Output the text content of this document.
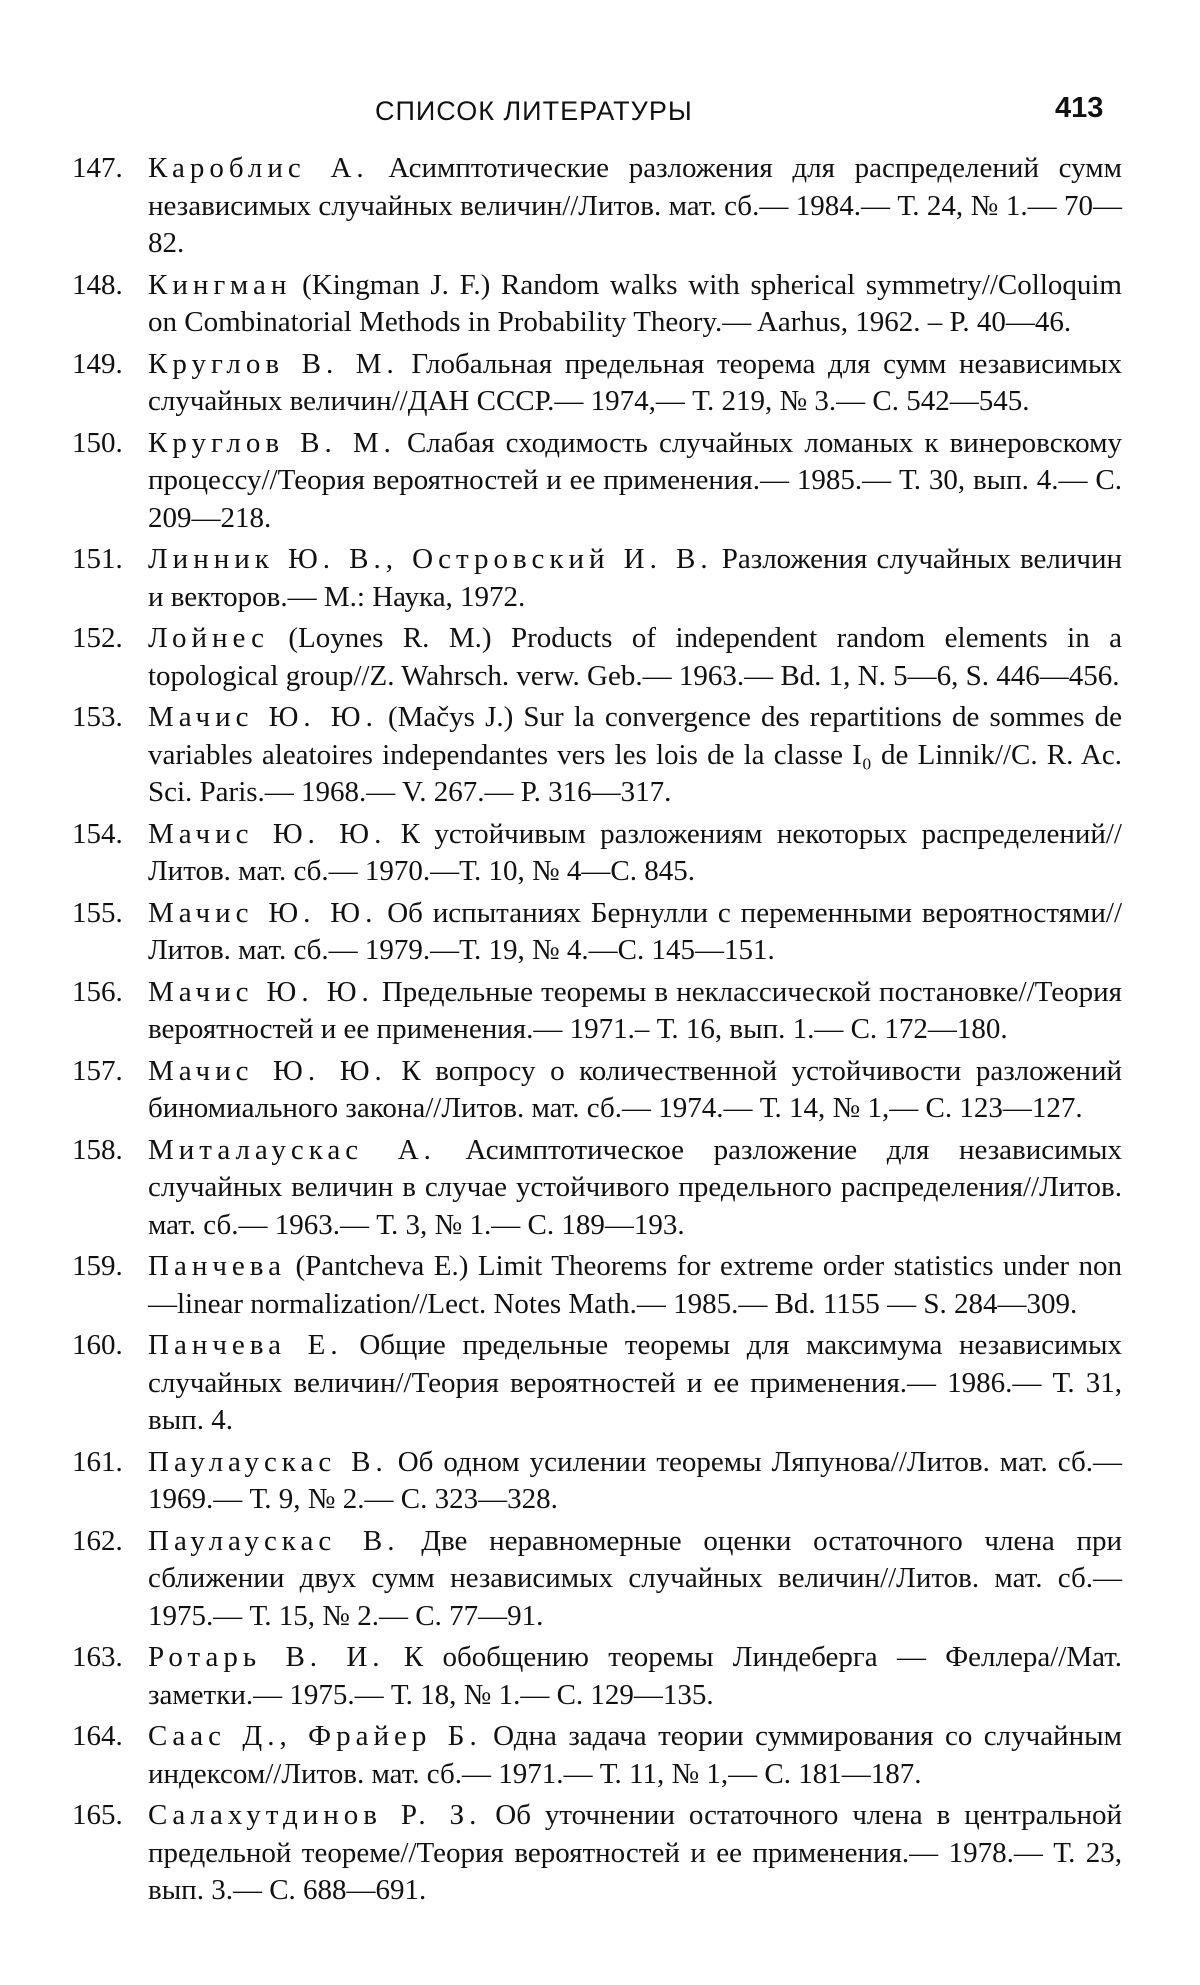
СПИСОК ЛИТЕРАТУРЫ	413
147. Кароблис А. Асимптотические разложения для распределений сумм независимых случайных величин//Литов. мат. сб.— 1984.— Т. 24, № 1.— 70—82.
148. Кингман (Kingman J. F.) Random walks with spherical symmetry//Colloquim on Combinatorial Methods in Probability Theory.— Aarhus, 1962. – P. 40—46.
149. Круглов В. М. Глобальная предельная теорема для сумм независимых случайных величин//ДАН СССР.— 1974,— Т. 219, № 3.— С. 542—545.
150. Круглов В. М. Слабая сходимость случайных ломаных к винеровскому процессу//Теория вероятностей и ее применения.— 1985.— Т. 30, вып. 4.— С. 209—218.
151. Линник Ю. В., Островский И. В. Разложения случайных величин и векторов.— М.: Наука, 1972.
152. Лойнес (Loynes R. M.) Products of independent random elements in a topological group//Z. Wahrsch. verw. Geb.— 1963.— Bd. 1, N. 5—6, S. 446—456.
153. Мачис Ю. Ю. (Mačys J.) Sur la convergence des repartitions de sommes de variables aleatoires independantes vers les lois de la classe I₀ de Linnik//C. R. Ac. Sci. Paris.— 1968.— V. 267.— P. 316—317.
154. Мачис Ю. Ю. К устойчивым разложениям некоторых распределений//Литов. мат. сб.— 1970.—Т. 10, № 4—С. 845.
155. Мачис Ю. Ю. Об испытаниях Бернулли с переменными вероятностями//Литов. мат. сб.— 1979.—Т. 19, № 4.—С. 145—151.
156. Мачис Ю. Ю. Предельные теоремы в неклассической постановке//Теория вероятностей и ее применения.— 1971.– Т. 16, вып. 1.— С. 172—180.
157. Мачис Ю. Ю. К вопросу о количественной устойчивости разложений биномиального закона//Литов. мат. сб.— 1974.— Т. 14, № 1,— С. 123—127.
158. Миталаускас А. Асимптотическое разложение для независимых случайных величин в случае устойчивого предельного распределения//Литов. мат. сб.— 1963.— Т. 3, № 1.— С. 189—193.
159. Панчева (Pantcheva E.) Limit Theorems for extreme order statistics under non—linear normalization//Lect. Notes Math.— 1985.— Bd. 1155 — S. 284—309.
160. Панчева Е. Общие предельные теоремы для максимума независимых случайных величин//Теория вероятностей и ее применения.— 1986.— Т. 31, вып. 4.
161. Паулаускас В. Об одном усилении теоремы Ляпунова//Литов. мат. сб.— 1969.— Т. 9, № 2.— С. 323—328.
162. Паулаускас В. Две неравномерные оценки остаточного члена при сближении двух сумм независимых случайных величин//Литов. мат. сб.— 1975.— Т. 15, № 2.— С. 77—91.
163. Ротарь В. И. К обобщению теоремы Линдеберга — Феллера//Мат. заметки.— 1975.— Т. 18, № 1.— С. 129—135.
164. Саас Д., Фрайер Б. Одна задача теории суммирования со случайным индексом//Литов. мат. сб.— 1971.— Т. 11, № 1,— С. 181—187.
165. Салахутдинов Р. З. Об уточнении остаточного члена в центральной предельной теореме//Теория вероятностей и ее применения.— 1978.— Т. 23, вып. 3.— С. 688—691.
